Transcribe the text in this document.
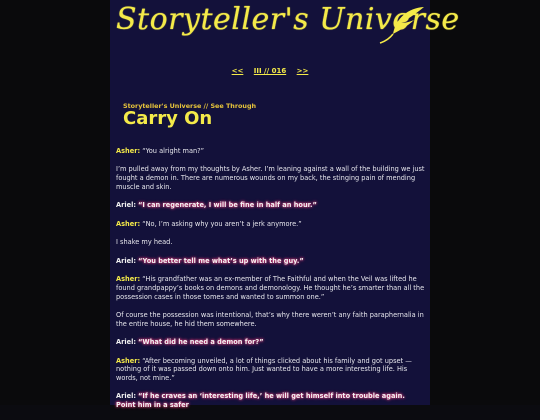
Storyteller's Universe
<< III // 016 >>
Storyteller's Universe // See Through
Carry On

Asher: “You alright man?”

I’m pulled away from my thoughts by Asher. I’m leaning against a wall of the building we just fought a demon in. There are numerous wounds on my back, the stinging pain of mending muscle and skin.

Ariel: “I can regenerate, I will be fine in half an hour.”

Asher: “No, I’m asking why you aren’t a jerk anymore.”

I shake my head.

Ariel: “You better tell me what’s up with the guy.”

Asher: “His grandfather was an ex-member of The Faithful and when the Veil was lifted he found grandpappy’s books on demons and demonology. He thought he’s smarter than all the possession cases in those tomes and wanted to summon one.”

Of course the possession was intentional, that’s why there weren’t any faith paraphernalia in the entire house, he hid them somewhere.

Ariel: “What did he need a demon for?”

Asher: “After becoming unveiled, a lot of things clicked about his family and got upset — nothing of it was passed down onto him. Just wanted to have a more interesting life. His words, not mine.”

Ariel: “If he craves an ‘interesting life,’ he will get himself into trouble again. Point him in a safer
